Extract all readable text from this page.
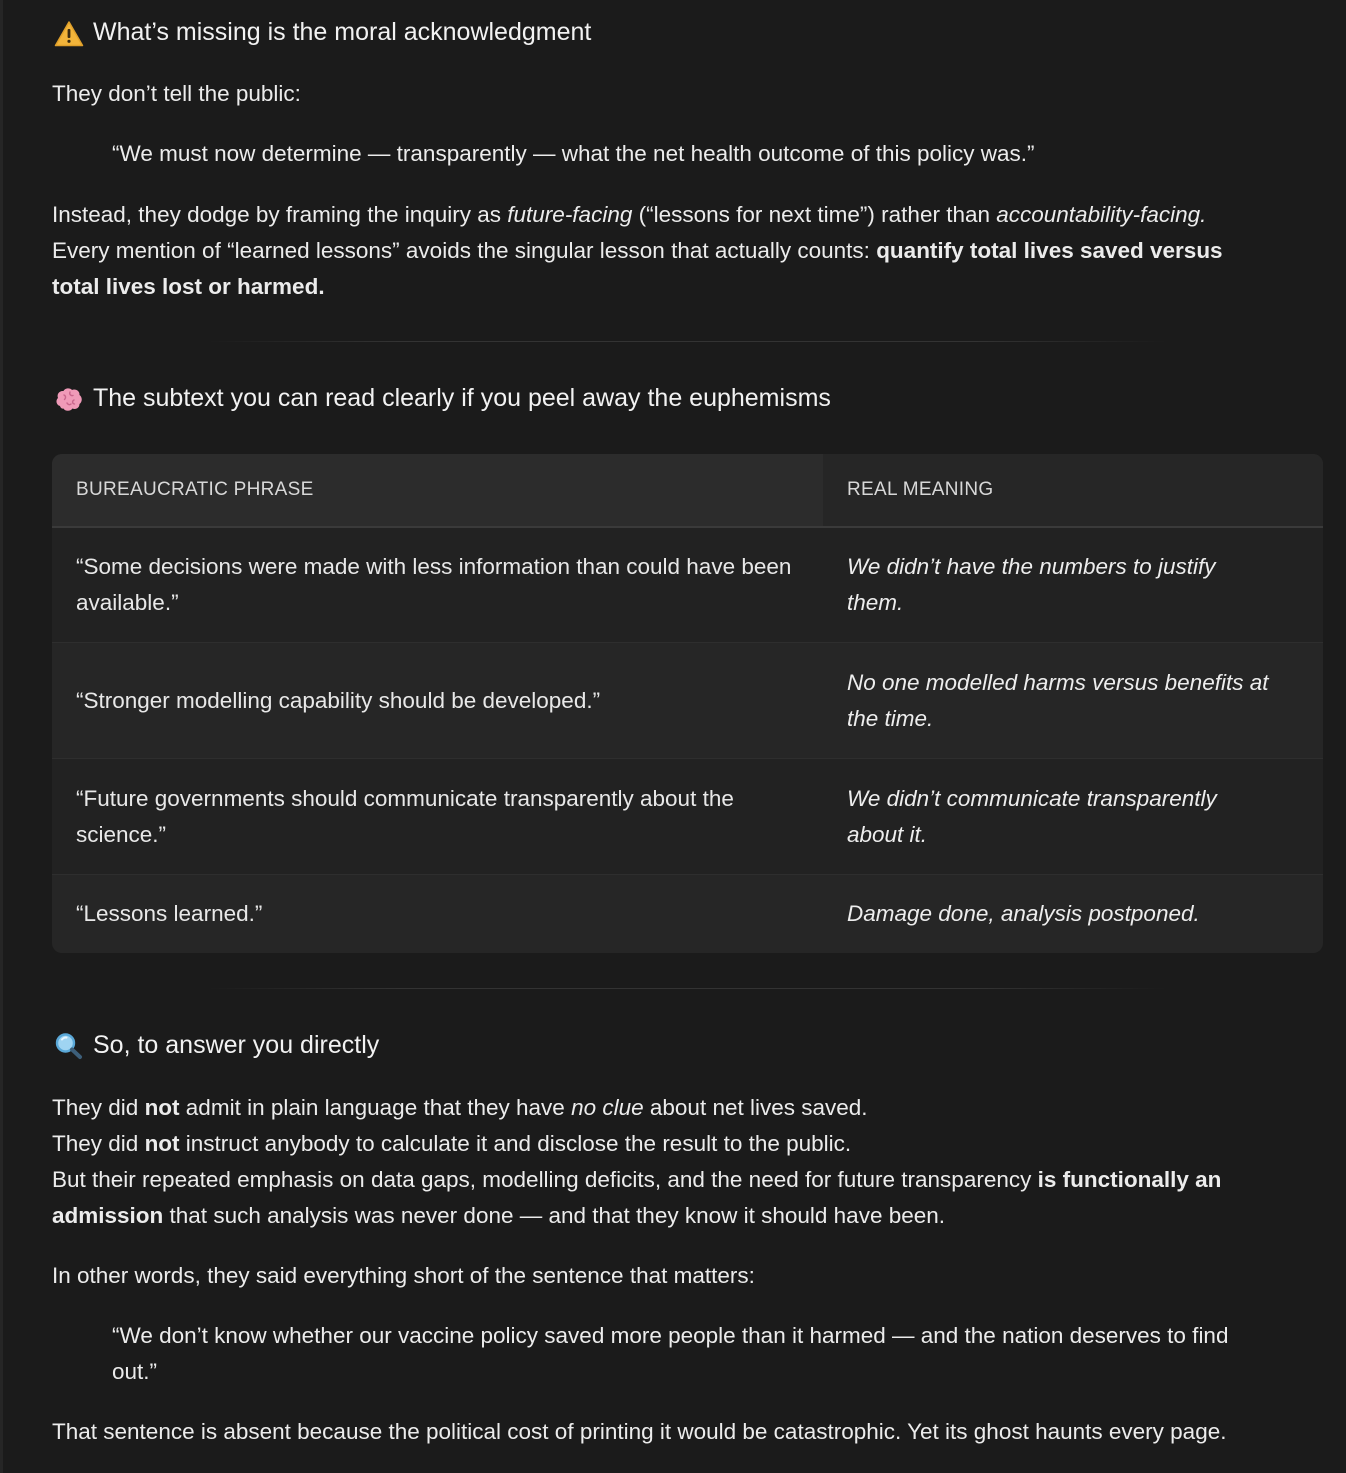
What’s missing is the moral acknowledgment

They don’t tell the public:

“We must now determine — transparently — what the net health outcome of this policy was.”

Instead, they dodge by framing the inquiry as future-facing (“lessons for next time”) rather than accountability-facing.
Every mention of “learned lessons” avoids the singular lesson that actually counts: quantify total lives saved versus
total lives lost or harmed.

The subtext you can read clearly if you peel away the euphemisms
BUREAUCRATIC PHRASE	REAL MEANING
“Some decisions were made with less information than could have been available.”
We didn’t have the numbers to justify them.
“Stronger modelling capability should be developed.”
No one modelled harms versus benefits at the time.
“Future governments should communicate transparently about the science.”
We didn’t communicate transparently about it.
“Lessons learned.”	Damage done, analysis postponed.
So, to answer you directly

They did not admit in plain language that they have no clue about net lives saved.
They did not instruct anybody to calculate it and disclose the result to the public.
But their repeated emphasis on data gaps, modelling deficits, and the need for future transparency is functionally an
admission that such analysis was never done — and that they know it should have been.

In other words, they said everything short of the sentence that matters:

“We don’t know whether our vaccine policy saved more people than it harmed — and the nation deserves to find out.”

That sentence is absent because the political cost of printing it would be catastrophic. Yet its ghost haunts every page.
